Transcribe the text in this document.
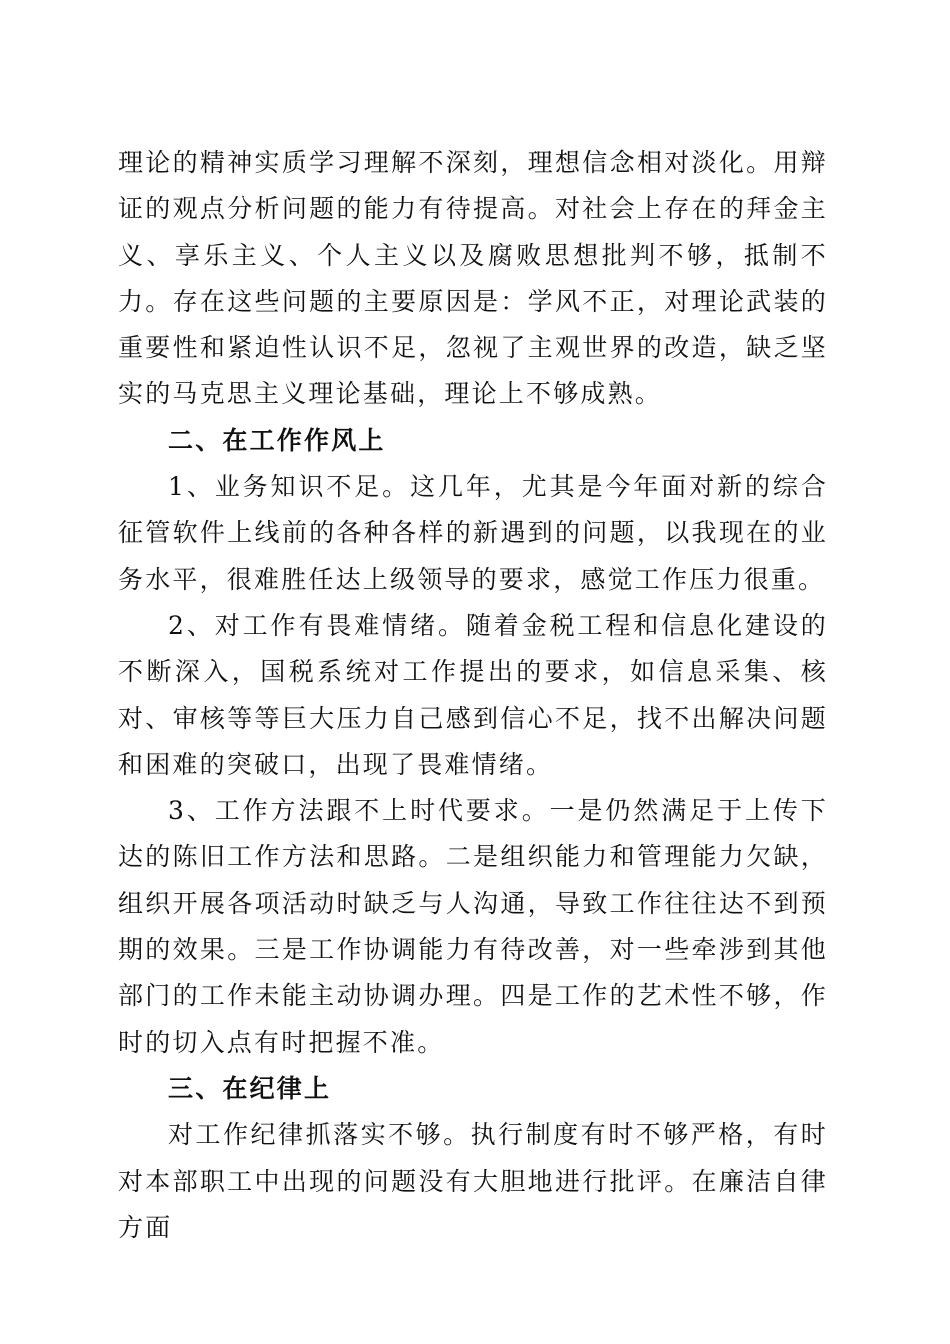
理论的精神实质学习理解不深刻，理想信念相对淡化。用辩证的观点分析问题的能力有待提高。对社会上存在的拜金主义、享乐主义、个人主义以及腐败思想批判不够，抵制不力。存在这些问题的主要原因是：学风不正，对理论武装的重要性和紧迫性认识不足，忽视了主观世界的改造，缺乏坚实的马克思主义理论基础，理论上不够成熟。

二、在工作作风上

1、业务知识不足。这几年，尤其是今年面对新的综合征管软件上线前的各种各样的新遇到的问题，以我现在的业务水平，很难胜任达上级领导的要求，感觉工作压力很重。

2、对工作有畏难情绪。随着金税工程和信息化建设的不断深入，国税系统对工作提出的要求，如信息采集、核对、审核等等巨大压力自己感到信心不足，找不出解决问题和困难的突破口，出现了畏难情绪。

3、工作方法跟不上时代要求。一是仍然满足于上传下达的陈旧工作方法和思路。二是组织能力和管理能力欠缺，组织开展各项活动时缺乏与人沟通，导致工作往往达不到预期的效果。三是工作协调能力有待改善，对一些牵涉到其他部门的工作未能主动协调办理。四是工作的艺术性不够，作时的切入点有时把握不准。

三、在纪律上

对工作纪律抓落实不够。执行制度有时不够严格，有时对本部职工中出现的问题没有大胆地进行批评。在廉洁自律方面
